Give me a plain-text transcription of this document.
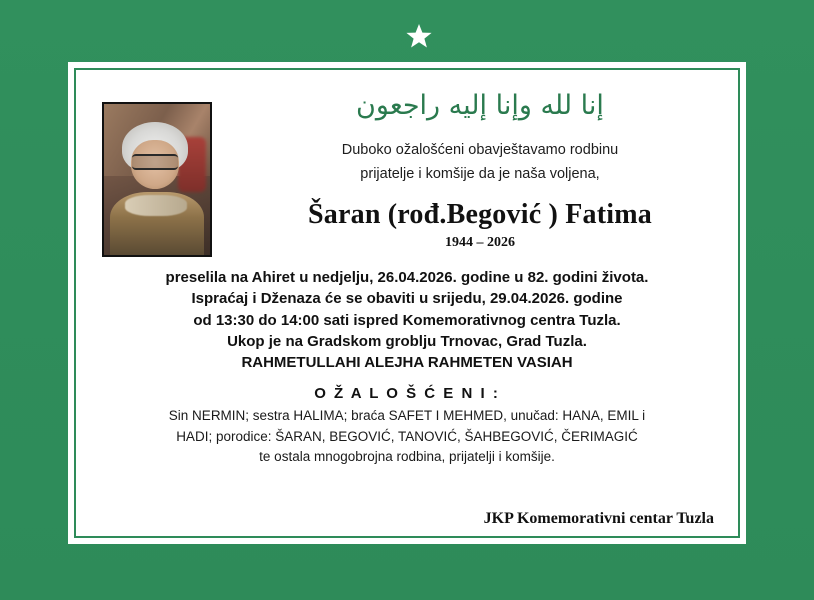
إنا لله وإنا إليه راجعون
Duboko ožalošćeni obavještavamo rodbinu
prijatelje i komšije da je naša voljena,
Šaran (rođ.Begović ) Fatima
1944 – 2026
preselila na Ahiret u nedjelju, 26.04.2026. godine u 82. godini života.
Ispraćaj i Dženaza će se obaviti u srijedu, 29.04.2026. godine
od 13:30 do 14:00 sati ispred Komemorativnog centra Tuzla.
Ukop je na Gradskom groblju Trnovac, Grad Tuzla.
RAHMETULLAHI ALEJHA RAHMETEN VASIAH
O Ž A L O Š Ć E N I :
Sin NERMIN; sestra HALIMA; braća SAFET I MEHMED, unučad: HANA, EMIL i
HADI; porodice: ŠARAN, BEGOVIĆ, TANOVIĆ, ŠAHBEGOVIĆ, ČERIMAGIĆ
te ostala mnogobrojna rodbina, prijatelji i komšije.
JKP Komemorativni centar Tuzla
